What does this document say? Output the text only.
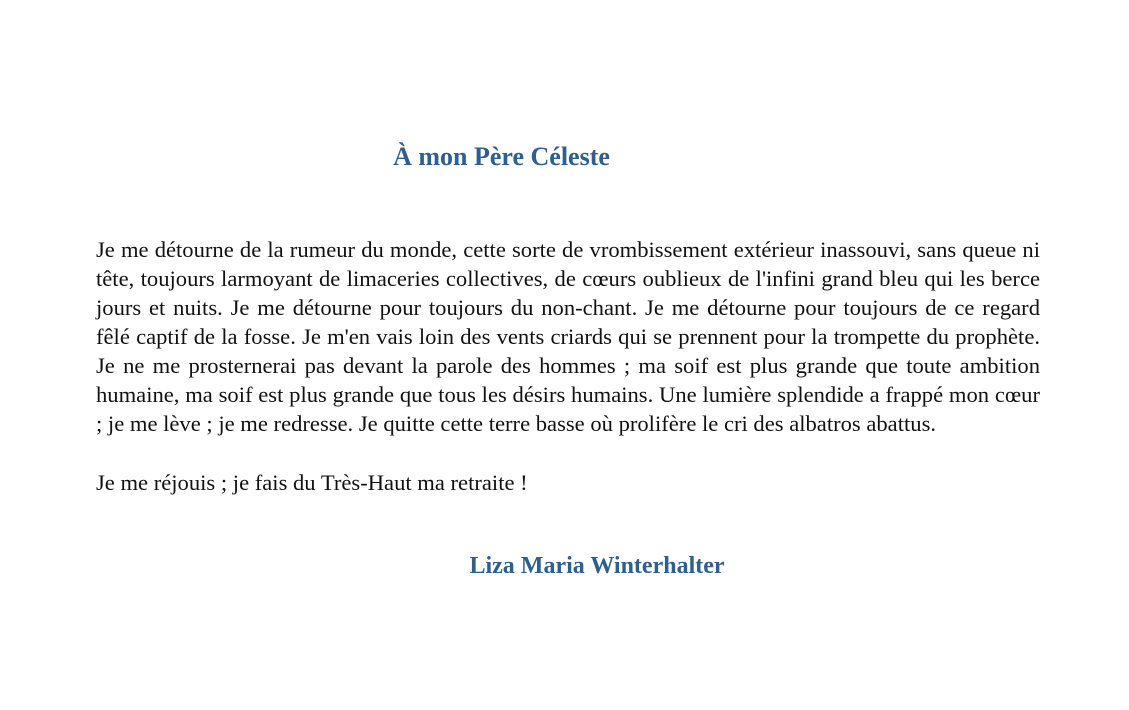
À mon Père Céleste

Je me détourne de la rumeur du monde, cette sorte de vrombissement extérieur inassouvi, sans queue ni tête, toujours larmoyant de limaceries collectives, de cœurs oublieux de l'infini grand bleu qui les berce jours et nuits. Je me détourne pour toujours du non-chant. Je me détourne pour toujours de ce regard fêlé captif de la fosse. Je m'en vais loin des vents criards qui se prennent pour la trompette du prophète. Je ne me prosternerai pas devant la parole des hommes ; ma soif est plus grande que toute ambition humaine, ma soif est plus grande que tous les désirs humains. Une lumière splendide a frappé mon cœur ; je me lève ; je me redresse. Je quitte cette terre basse où prolifère le cri des albatros abattus.

Je me réjouis ; je fais du Très-Haut ma retraite !
Liza Maria Winterhalter
